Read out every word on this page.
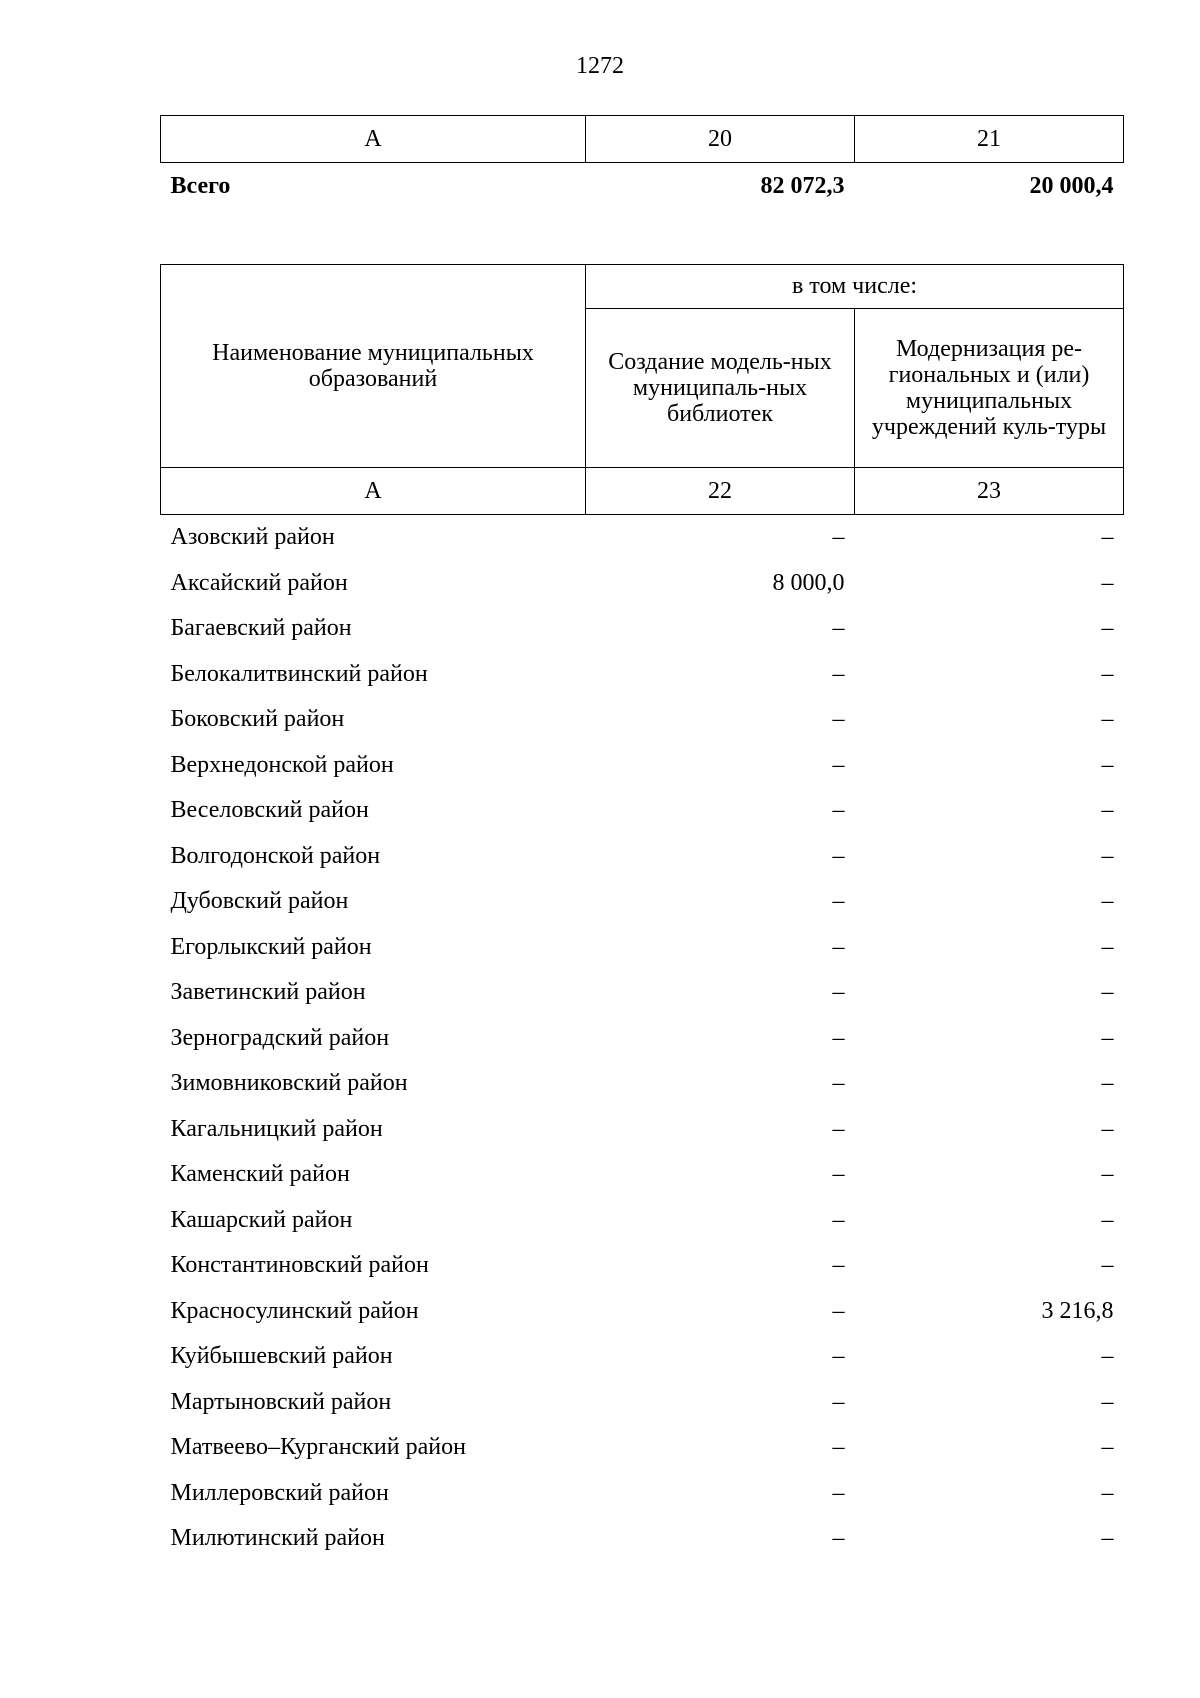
1272
А	20	21
Всего	82 072,3	20 000,4
Наименование муниципальных образований	в том числе:	
	Создание модель-ных муниципаль-ных библиотек	Модернизация ре-гиональных и (или) муниципальных учреждений куль-туры
А	22	23
Азовский район	–	–
Аксайский район	8 000,0	–
Багаевский район	–	–
Белокалитвинский район	–	–
Боковский район	–	–
Верхнедонской район	–	–
Веселовский район	–	–
Волгодонской район	–	–
Дубовский район	–	–
Егорлыкский район	–	–
Заветинский район	–	–
Зерноградский район	–	–
Зимовниковский район	–	–
Кагальницкий район	–	–
Каменский район	–	–
Кашарский район	–	–
Константиновский район	–	–
Красносулинский район	–	3 216,8
Куйбышевский район	–	–
Мартыновский район	–	–
Матвеево–Курганский район	–	–
Миллеровский район	–	–
Милютинский район	–	–
